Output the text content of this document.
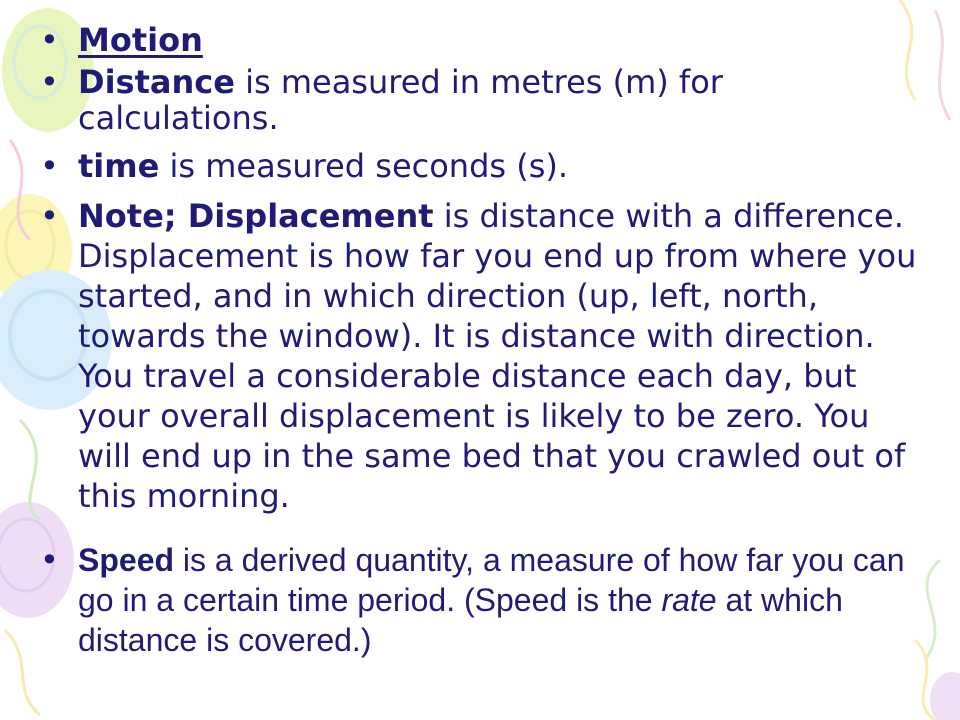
• Motion
• Distance is measured in metres (m) for calculations.
• time is measured seconds (s).
• Note; Displacement is distance with a difference. Displacement is how far you end up from where you started, and in which direction (up, left, north, towards the window). It is distance with direction. You travel a considerable distance each day, but your overall displacement is likely to be zero. You will end up in the same bed that you crawled out of this morning.
• Speed is a derived quantity, a measure of how far you can go in a certain time period. (Speed is the rate at which distance is covered.)
